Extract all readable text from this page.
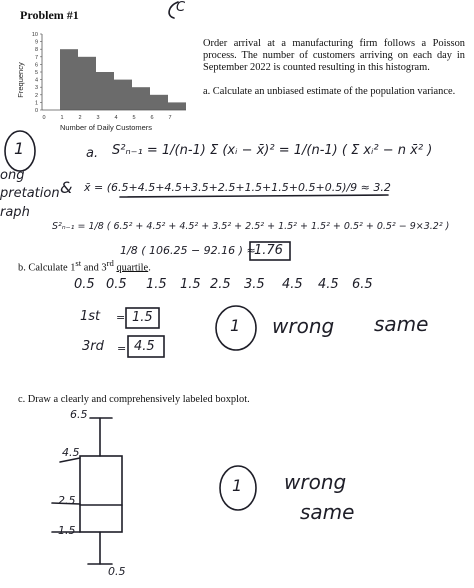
Problem #1
0
1
2
3
4
5
6
7
8
9
10
0	1	2	3	4	5	6	7
Number of Daily Customers
Frequency
Order arrival at a manufacturing firm follows a Poisson process. The number of customers arriving on each day in September 2022 is counted resulting in this histogram.
a. Calculate an unbiased estimate of the population variance.
b. Calculate 1st and 3rd quartile.
c. Draw a clearly and comprehensively labeled boxplot.
C
1
ong
pretation
raph
&
a. S²ₙ₋₁ = 1/(n-1) Σ (xᵢ − x̄)² = 1/(n-1) ( Σ xᵢ² − n x̄² )
x̄ = (6.5+4.5+4.5+3.5+2.5+1.5+1.5+0.5+0.5)/9 ≈ 3.2
S²ₙ₋₁ = 1/8 ( 6.5² + 4.5² + 4.5² + 3.5² + 2.5² + 1.5² + 1.5² + 0.5² + 0.5² − 9×3.2² )
1/8 ( 106.25 − 92.16 ) ≈
1.76
0.5 0.5 1.5 1.5 2.5 3.5 4.5 4.5 6.5
1st = 1.5
3rd = 4.5
1 wrong same
6.5
4.5
2.5
1.5
0.5
1 wrong
same
